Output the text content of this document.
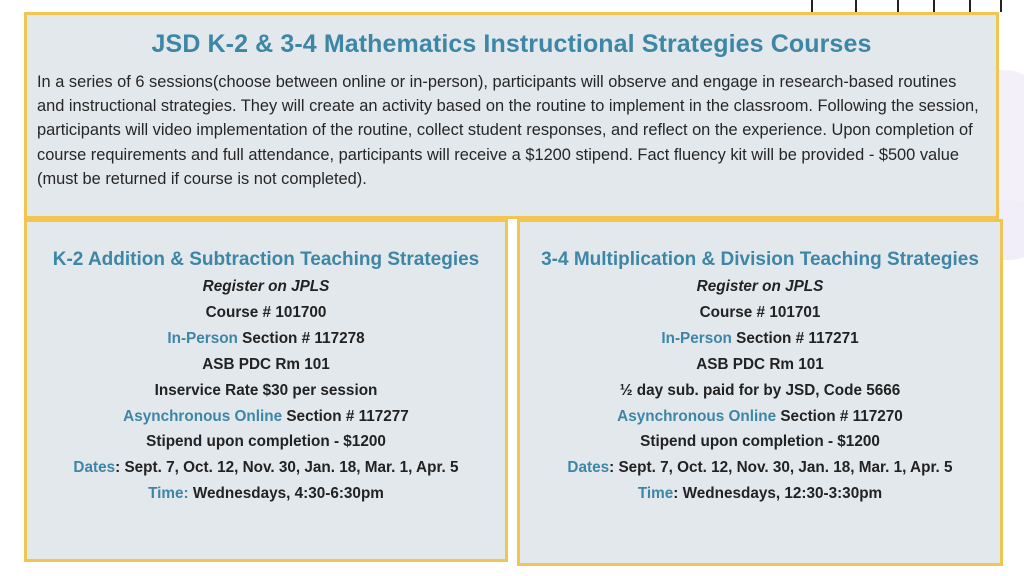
JSD K-2 & 3-4 Mathematics Instructional Strategies Courses

In a series of 6 sessions(choose between online or in-person), participants will observe and engage in research-based routines and instructional strategies. They will create an activity based on the routine to implement in the classroom. Following the session, participants will video implementation of the routine, collect student responses, and reflect on the experience. Upon completion of course requirements and full attendance, participants will receive a $1200 stipend. Fact fluency kit will be provided - $500 value (must be returned if course is not completed).

K-2 Addition & Subtraction Teaching Strategies
Register on JPLS
Course # 101700
In-Person Section # 117278
ASB PDC Rm 101
Inservice Rate $30 per session
Asynchronous Online Section # 117277
Stipend upon completion - $1200
Dates: Sept. 7, Oct. 12, Nov. 30, Jan. 18, Mar. 1, Apr. 5
Time: Wednesdays, 4:30-6:30pm
3-4 Multiplication & Division Teaching Strategies
Register on JPLS
Course # 101701
In-Person Section # 117271
ASB PDC Rm 101
½ day sub. paid for by JSD, Code 5666
Asynchronous Online Section # 117270
Stipend upon completion - $1200
Dates: Sept. 7, Oct. 12, Nov. 30, Jan. 18, Mar. 1, Apr. 5
Time: Wednesdays, 12:30-3:30pm
